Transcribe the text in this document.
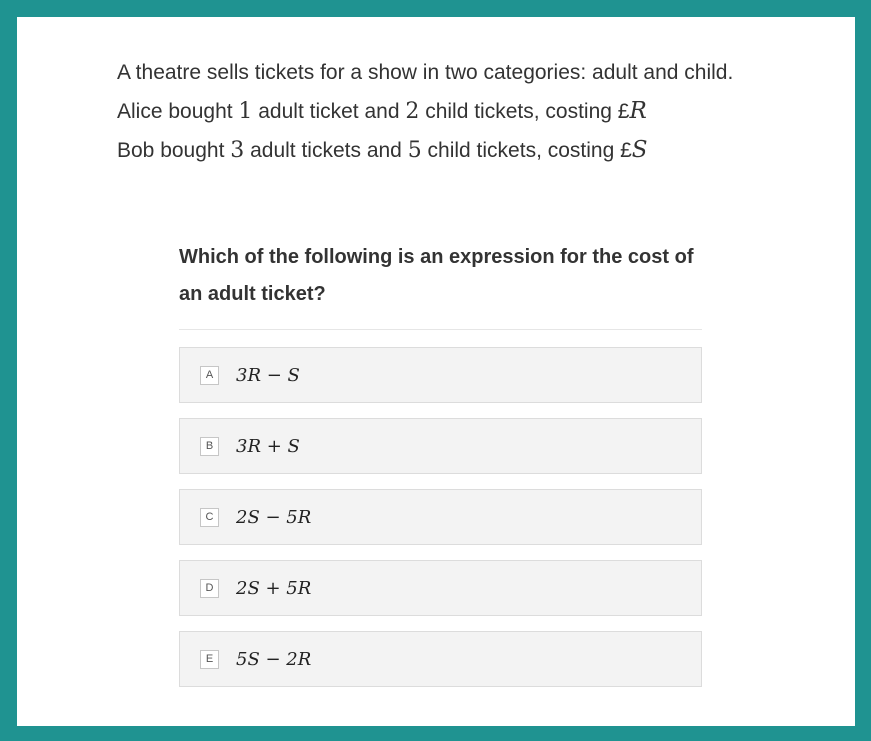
A theatre sells tickets for a show in two categories: adult and child.

Alice bought 1 adult ticket and 2 child tickets, costing £R

Bob bought 3 adult tickets and 5 child tickets, costing £S

Which of the following is an expression for the cost of an adult ticket?

A	3R − S
B	3R + S
C	2S − 5R
D	2S + 5R
E	5S − 2R
